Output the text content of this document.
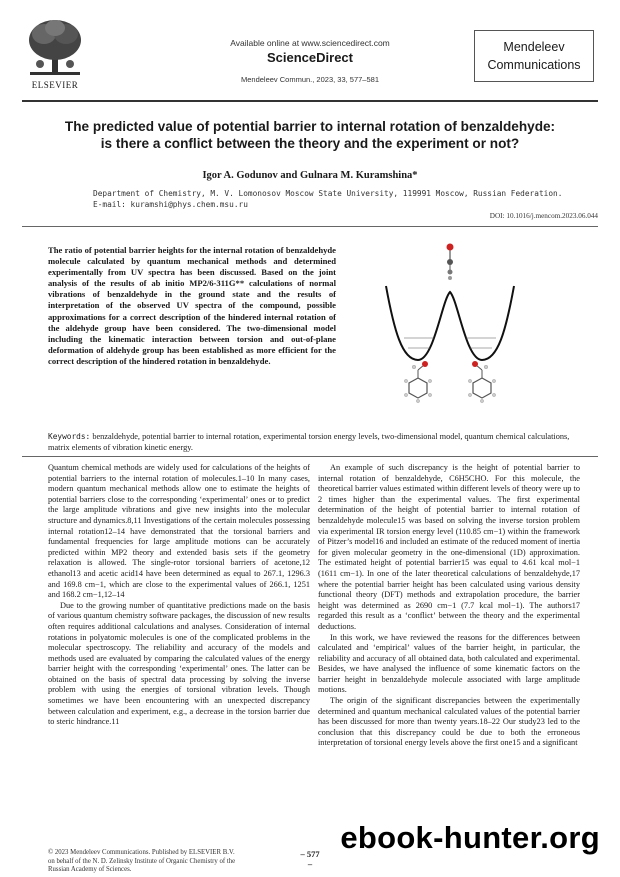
ELSEVIER
Available online at www.sciencedirect.com
ScienceDirect
Mendeleev Commun., 2023, 33, 577–581
Mendeleev
Communications
The predicted value of potential barrier to internal rotation of benzaldehyde:
is there a conflict between the theory and the experiment or not?
Igor A. Godunov and Gulnara M. Kuramshina*
Department of Chemistry, M. V. Lomonosov Moscow State University, 119991 Moscow, Russian Federation.
E-mail: kuramshi@phys.chem.msu.ru
DOI: 10.1016/j.mencom.2023.06.044
The ratio of potential barrier heights for the internal rotation of benzaldehyde molecule calculated by quantum mechanical methods and determined experimentally from UV spectra has been discussed. Based on the joint analysis of the results of ab initio MP2/6-311G** calculations of normal vibrations of benzaldehyde in the ground state and the results of interpretation of the observed UV spectra of the compound, possible approximations for a correct description of the hindered internal rotation of the aldehyde group have been considered. The two-dimensional model including the kinematic interaction between torsion and out-of-plane deformation of aldehyde group has been established as more efficient for the correct description of the hindered rotation in benzaldehyde.
Keywords: benzaldehyde, potential barrier to internal rotation, experimental torsion energy levels, two-dimensional model, quantum chemical calculations, matrix elements of vibration kinetic energy.

Quantum chemical methods are widely used for calculations of the heights of potential barriers to the internal rotation of molecules.1–10 In many cases, modern quantum mechanical methods allow one to estimate the heights of potential barriers close to the corresponding ‘experimental’ ones or to predict the large amplitude vibrations and give new insights into the molecular structure and dynamics.8,11 Investigations of the certain molecules possessing internal rotation12–14 have demonstrated that the torsional barriers and fundamental frequencies for large amplitude motions can be accurately predicted within MP2 theory and extended basis sets if the geometry relaxation is allowed. The single-rotor torsional barriers of acetone,12 ethanol13 and acetic acid14 have been determined as equal to 267.1, 1296.3 and 169.8 cm−1, which are close to the experimental values of 266.1, 1251 and 168.2 cm−1,12–14

Due to the growing number of quantitative predictions made on the basis of various quantum chemistry software packages, the discussion of new results often requires additional calculations and analyses. Consideration of internal rotations in polyatomic molecules is one of the complicated problems in the molecular spectroscopy. The reliability and accuracy of the models and methods used are evaluated by comparing the calculated values of the energy barrier height with the corresponding ‘experimental’ ones. The latter can be obtained on the basis of spectral data processing by solving the inverse problem with using the energies of torsional vibration levels. Though sometimes we have been encountering with an unexpected discrepancy between calculation and experiment, e.g., a decrease in the torsion barrier due to steric hindrance.11

An example of such discrepancy is the height of potential barrier to internal rotation of benzaldehyde, C6H5CHO. For this molecule, the theoretical barrier values estimated within different levels of theory were up to 2 times higher than the experimental values. The first experimental determination of the height of potential barrier to internal rotation of benzaldehyde molecule15 was based on solving the inverse torsion problem via experimental IR torsion energy level (110.85 cm−1) within the framework of Pitzer’s model16 and included an estimate of the reduced moment of inertia for given molecular geometry in the one-dimensional (1D) approximation. The estimated height of potential barrier15 was equal to 4.61 kcal mol−1 (1611 cm−1). In one of the later theoretical calculations of benzaldehyde,17 where the potential barrier height has been calculated using various density functional theory (DFT) methods and extrapolation procedure, the barrier height was determined as 2690 cm−1 (7.7 kcal mol−1). The authors17 regarded this result as a ‘conflict’ between the theory and the experimental deductions.

In this work, we have reviewed the reasons for the differences between calculated and ‘empirical’ values of the barrier height, in particular, the reliability and accuracy of all obtained data, both calculated and experimental. Besides, we have analysed the influence of some kinematic factors on the barrier height in benzaldehyde molecule associated with large amplitude motions.

The origin of the significant discrepancies between the experimentally determined and quantum mechanical calculated values of the potential barrier has been discussed for more than twenty years.18–22 Our study23 led to the conclusion that this discrepancy could be due to both the erroneous interpretation of torsional energy levels above the first one15 and a significant

© 2023 Mendeleev Communications. Published by ELSEVIER B.V.
on behalf of the N. D. Zelinsky Institute of Organic Chemistry of the
Russian Academy of Sciences.
– 577 –
ebook-hunter.org
